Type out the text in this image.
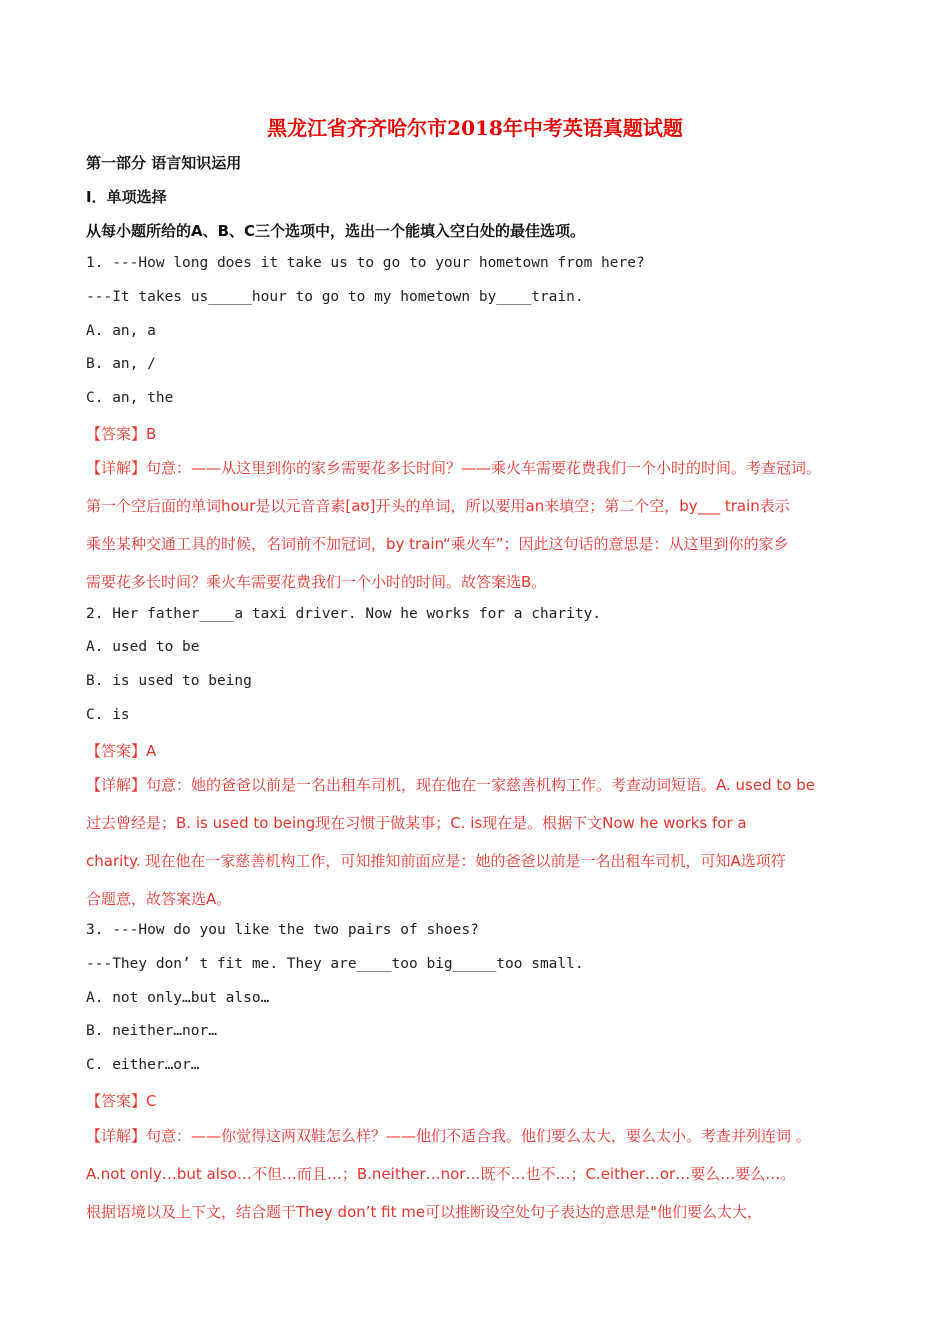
黑龙江省齐齐哈尔市2018年中考英语真题试题
第一部分 语言知识运用
I．单项选择
从每小题所给的A、B、C三个选项中，选出一个能填入空白处的最佳选项。
1. ---How long does it take us to go to your hometown from here?
---It takes us_____hour to go to my hometown by____train.
A. an, a
B. an, /
C. an, the
【答案】B
【详解】句意：——从这里到你的家乡需要花多长时间？——乘火车需要花费我们一个小时的时间。考查冠词。
第一个空后面的单词hour是以元音音素[aʊ]开头的单词，所以要用an来填空；第二个空，by___ train表示
乘坐某种交通工具的时候，名词前不加冠词，by train“乘火车”；因此这句话的意思是：从这里到你的家乡
需要花多长时间？乘火车需要花费我们一个小时的时间。故答案选B。
2. Her father____a taxi driver. Now he works for a charity.
A. used to be
B. is used to being
C. is
【答案】A
【详解】句意：她的爸爸以前是一名出租车司机，现在他在一家慈善机构工作。考查动词短语。A. used to be
过去曾经是；B. is used to being现在习惯于做某事；C. is现在是。根据下文Now he works for a
charity. 现在他在一家慈善机构工作，可知推知前面应是：她的爸爸以前是一名出租车司机，可知A选项符
合题意，故答案选A。
3. ---How do you like the two pairs of shoes?
---They don’ t fit me. They are____too big_____too small.
A. not only…but also…
B. neither…nor…
C. either…or…
【答案】C
【详解】句意：——你觉得这两双鞋怎么样？——他们不适合我。他们要么太大，要么太小。考查并列连词 。
A.not only…but also…不但…而且…；B.neither…nor…既不…也不…；C.either…or…要么…要么…。
根据语境以及上下文，结合题干They don’t fit me可以推断设空处句子表达的意思是"他们要么太大，
